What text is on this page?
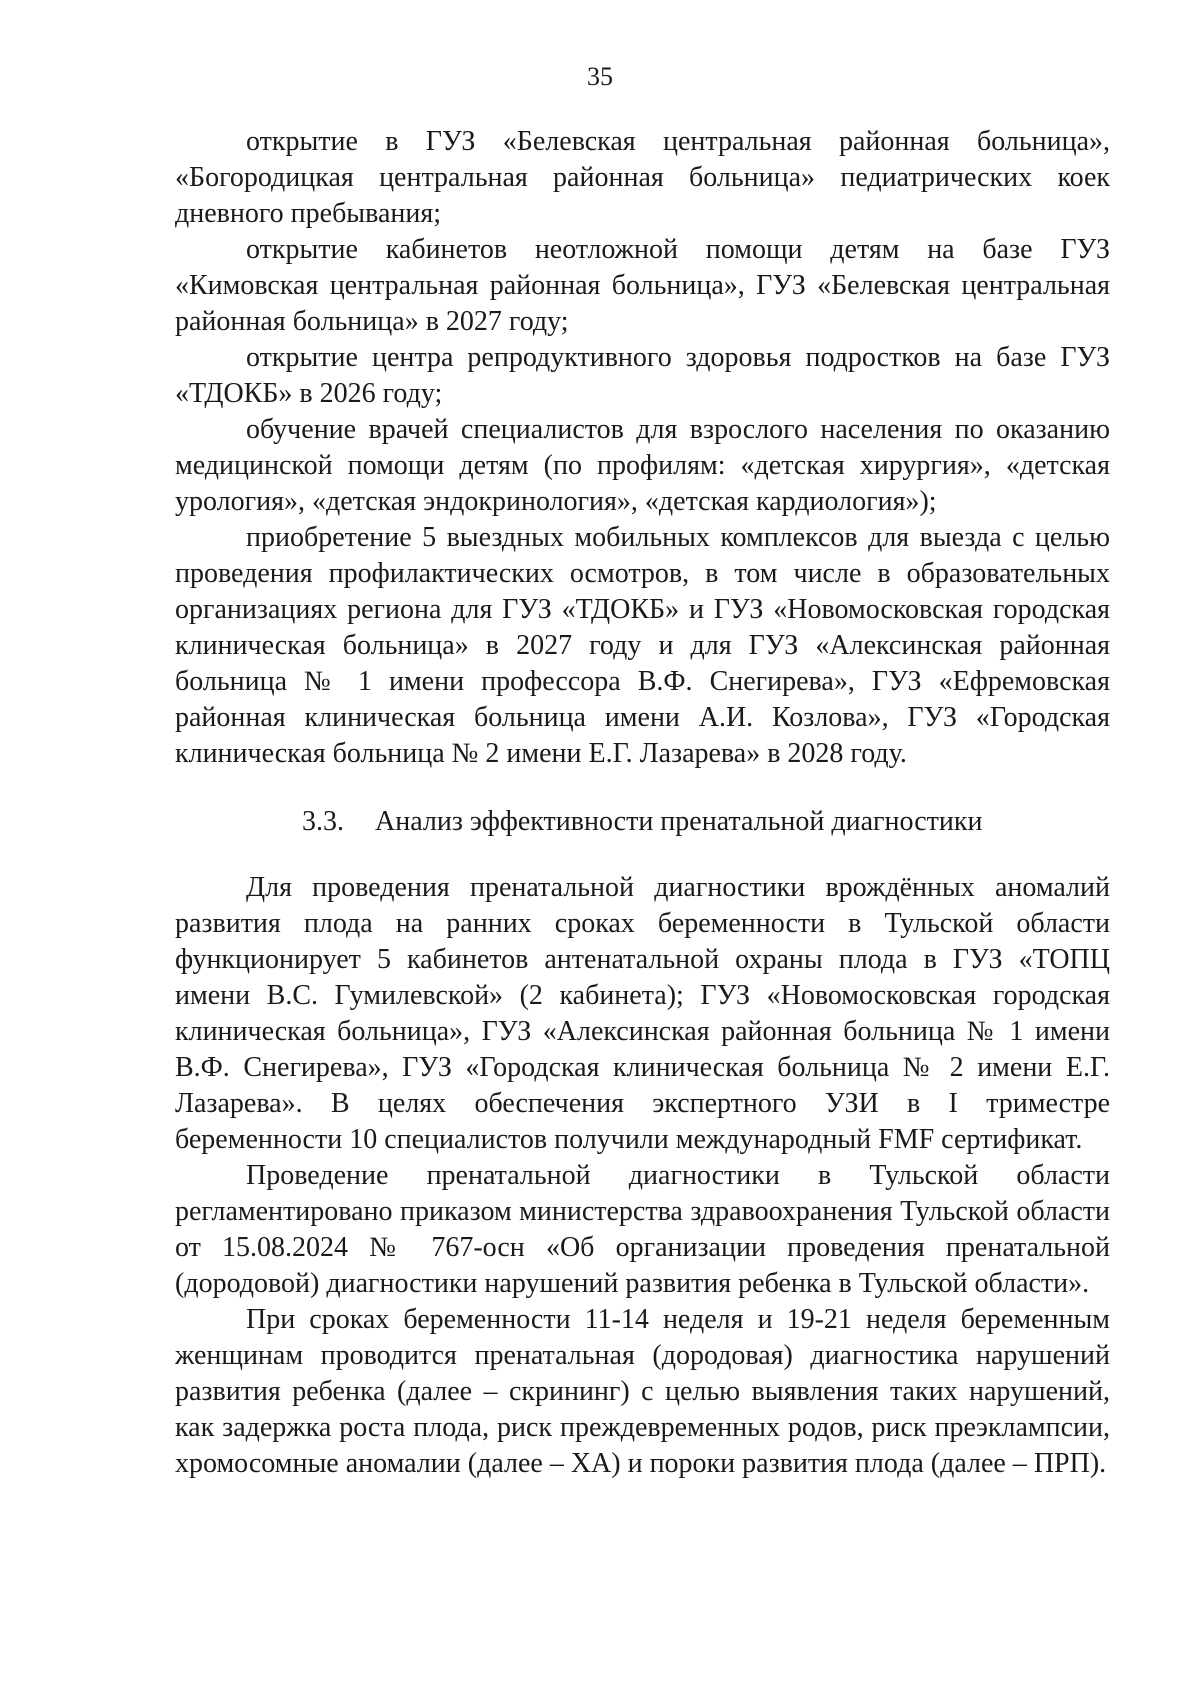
35

открытие в ГУЗ «Белевская центральная районная больница», «Богородицкая центральная районная больница» педиатрических коек дневного пребывания;

открытие кабинетов неотложной помощи детям на базе ГУЗ «Кимовская центральная районная больница», ГУЗ «Белевская центральная районная больница» в 2027 году;

открытие центра репродуктивного здоровья подростков на базе ГУЗ «ТДОКБ» в 2026 году;

обучение врачей специалистов для взрослого населения по оказанию медицинской помощи детям (по профилям: «детская хирургия», «детская урология», «детская эндокринология», «детская кардиология»);

приобретение 5 выездных мобильных комплексов для выезда с целью проведения профилактических осмотров, в том числе в образовательных организациях региона для ГУЗ «ТДОКБ» и ГУЗ «Новомосковская городская клиническая больница» в 2027 году и для ГУЗ «Алексинская районная больница № 1 имени профессора В.Ф. Снегирева», ГУЗ «Ефремовская районная клиническая больница имени А.И. Козлова», ГУЗ «Городская клиническая больница № 2 имени Е.Г. Лазарева» в 2028 году.

3.3. Анализ эффективности пренатальной диагностики

Для проведения пренатальной диагностики врождённых аномалий развития плода на ранних сроках беременности в Тульской области функционирует 5 кабинетов антенатальной охраны плода в ГУЗ «ТОПЦ имени В.С. Гумилевской» (2 кабинета); ГУЗ «Новомосковская городская клиническая больница», ГУЗ «Алексинская районная больница № 1 имени В.Ф. Снегирева», ГУЗ «Городская клиническая больница № 2 имени Е.Г. Лазарева». В целях обеспечения экспертного УЗИ в I триместре беременности 10 специалистов получили международный FMF сертификат.

Проведение пренатальной диагностики в Тульской области регламентировано приказом министерства здравоохранения Тульской области от 15.08.2024 № 767-осн «Об организации проведения пренатальной (дородовой) диагностики нарушений развития ребенка в Тульской области».

При сроках беременности 11-14 неделя и 19-21 неделя беременным женщинам проводится пренатальная (дородовая) диагностика нарушений развития ребенка (далее – скрининг) с целью выявления таких нарушений, как задержка роста плода, риск преждевременных родов, риск преэклампсии, хромосомные аномалии (далее – ХА) и пороки развития плода (далее – ПРП).
